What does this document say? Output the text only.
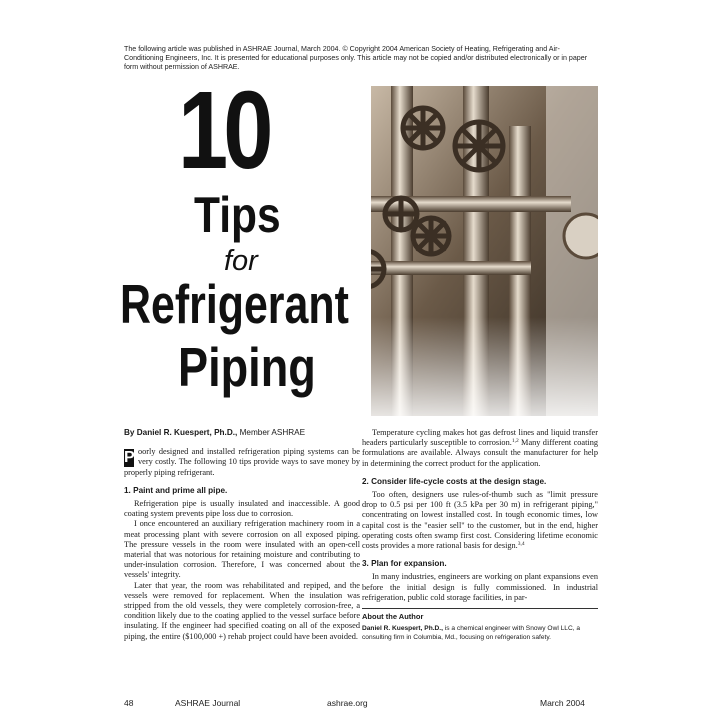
The following article was published in ASHRAE Journal, March 2004. © Copyright 2004 American Society of Heating, Refrigerating and Air-Conditioning Engineers, Inc. It is presented for educational purposes only. This article may not be copied and/or distributed electronically or in paper form without permission of ASHRAE.
10
Tips
for
Refrigerant
Piping

By Daniel R. Kuespert, Ph.D., Member ASHRAE

P oorly designed and installed refrigeration piping systems can be very costly. The following 10 tips provide ways to save money by properly piping refrigerant.

1. Paint and prime all pipe.

Refrigeration pipe is usually insulated and inaccessible. A good coating system prevents pipe loss due to corrosion.

I once encountered an auxiliary refrigeration machinery room in a meat processing plant with severe corrosion on all exposed piping. The pressure vessels in the room were insulated with an open-cell material that was notorious for retaining moisture and contributing to under-insulation corrosion. Therefore, I was concerned about the vessels' integrity.

Later that year, the room was rehabilitated and repiped, and the vessels were removed for replacement. When the insulation was stripped from the old vessels, they were completely corrosion-free, a condition likely due to the coating applied to the vessel surface before insulating. If the engineer had specified coating on all of the exposed piping, the entire ($100,000 +) rehab project could have been avoided.

Temperature cycling makes hot gas defrost lines and liquid transfer headers particularly susceptible to corrosion.$^{1,2}$ Many different coating formulations are available. Always consult the manufacturer for help in determining the correct product for the application.

2. Consider life-cycle costs at the design stage.

Too often, designers use rules-of-thumb such as "limit pressure drop to 0.5 psi per 100 ft (3.5 kPa per 30 m) in refrigerant piping," concentrating on lowest installed cost. In tough economic times, low capital cost is the "easier sell" to the customer, but in the end, higher operating costs often swamp first cost. Considering lifetime economic costs provides a more rational basis for design.$^{3,4}$

3. Plan for expansion.

In many industries, engineers are working on plant expansions even before the initial design is fully commissioned. In industrial refrigeration, public cold storage facilities, in par-

About the Author

Daniel R. Kuespert, Ph.D., is a chemical engineer with Snowy Owl LLC, a consulting firm in Columbia, Md., focusing on refrigeration safety.

48	ASHRAE Journal	ashrae.org	March 2004
